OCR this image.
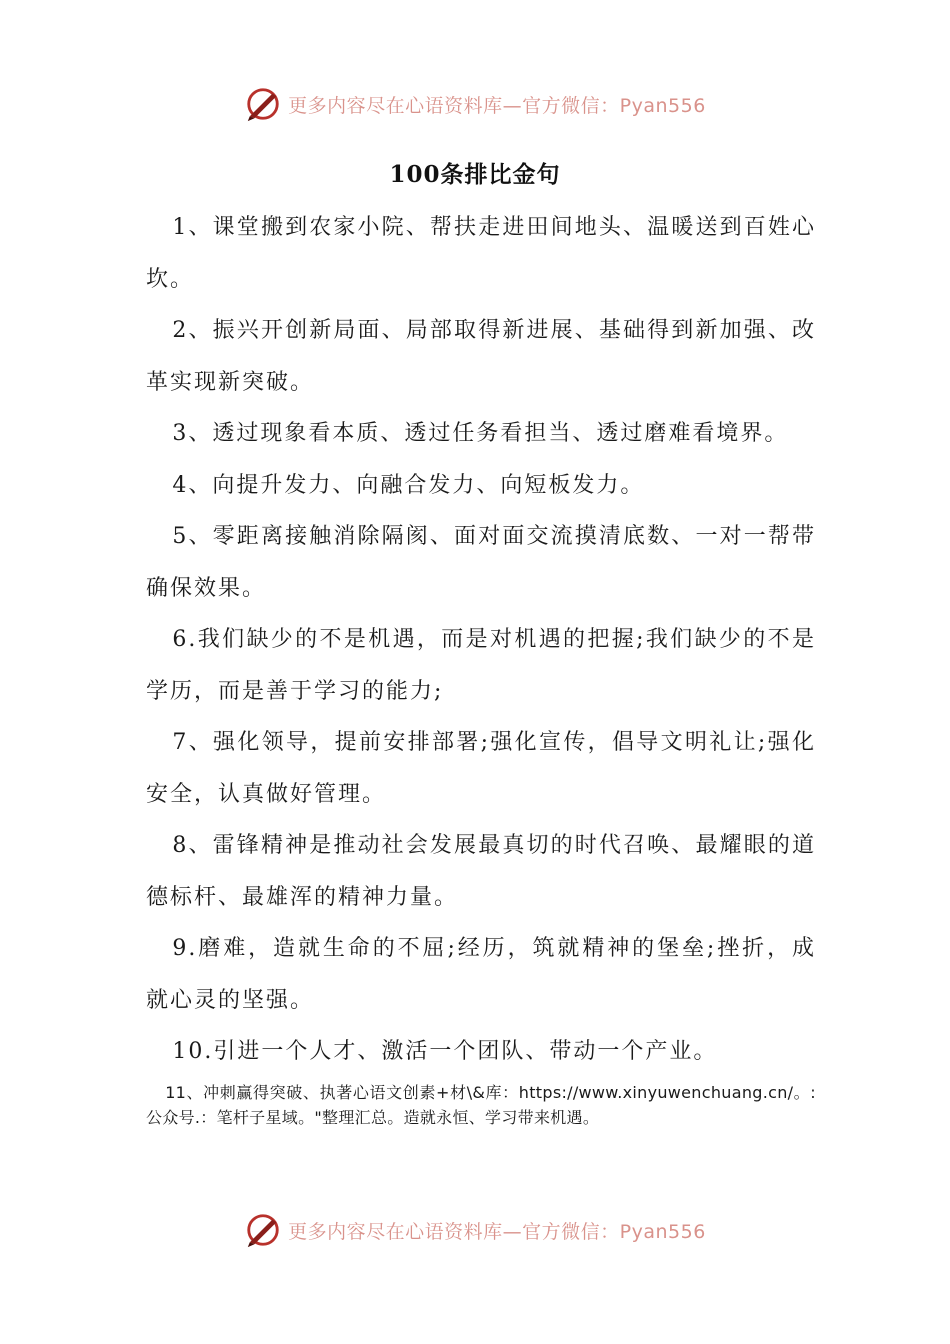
更多内容尽在心语资料库—官方微信：Pyan556
100条排比金句

1、课堂搬到农家小院、帮扶走进田间地头、温暖送到百姓心坎。

2、振兴开创新局面、局部取得新进展、基础得到新加强、改革实现新突破。

3、透过现象看本质、透过任务看担当、透过磨难看境界。

4、向提升发力、向融合发力、向短板发力。

5、零距离接触消除隔阂、面对面交流摸清底数、一对一帮带确保效果。

6.我们缺少的不是机遇，而是对机遇的把握;我们缺少的不是学历，而是善于学习的能力;

7、强化领导，提前安排部署;强化宣传，倡导文明礼让;强化安全，认真做好管理。

8、雷锋精神是推动社会发展最真切的时代召唤、最耀眼的道德标杆、最雄浑的精神力量。

9.磨难，造就生命的不屈;经历，筑就精神的堡垒;挫折，成就心灵的坚强。

10.引进一个人才、激活一个团队、带动一个产业。

11、冲刺赢得突破、执著心语文创素+材\&库：https://www.xinyuwenchuang.cn/。:公众号.：笔杆子星域。"整理汇总。造就永恒、学习带来机遇。

更多内容尽在心语资料库—官方微信：Pyan556
